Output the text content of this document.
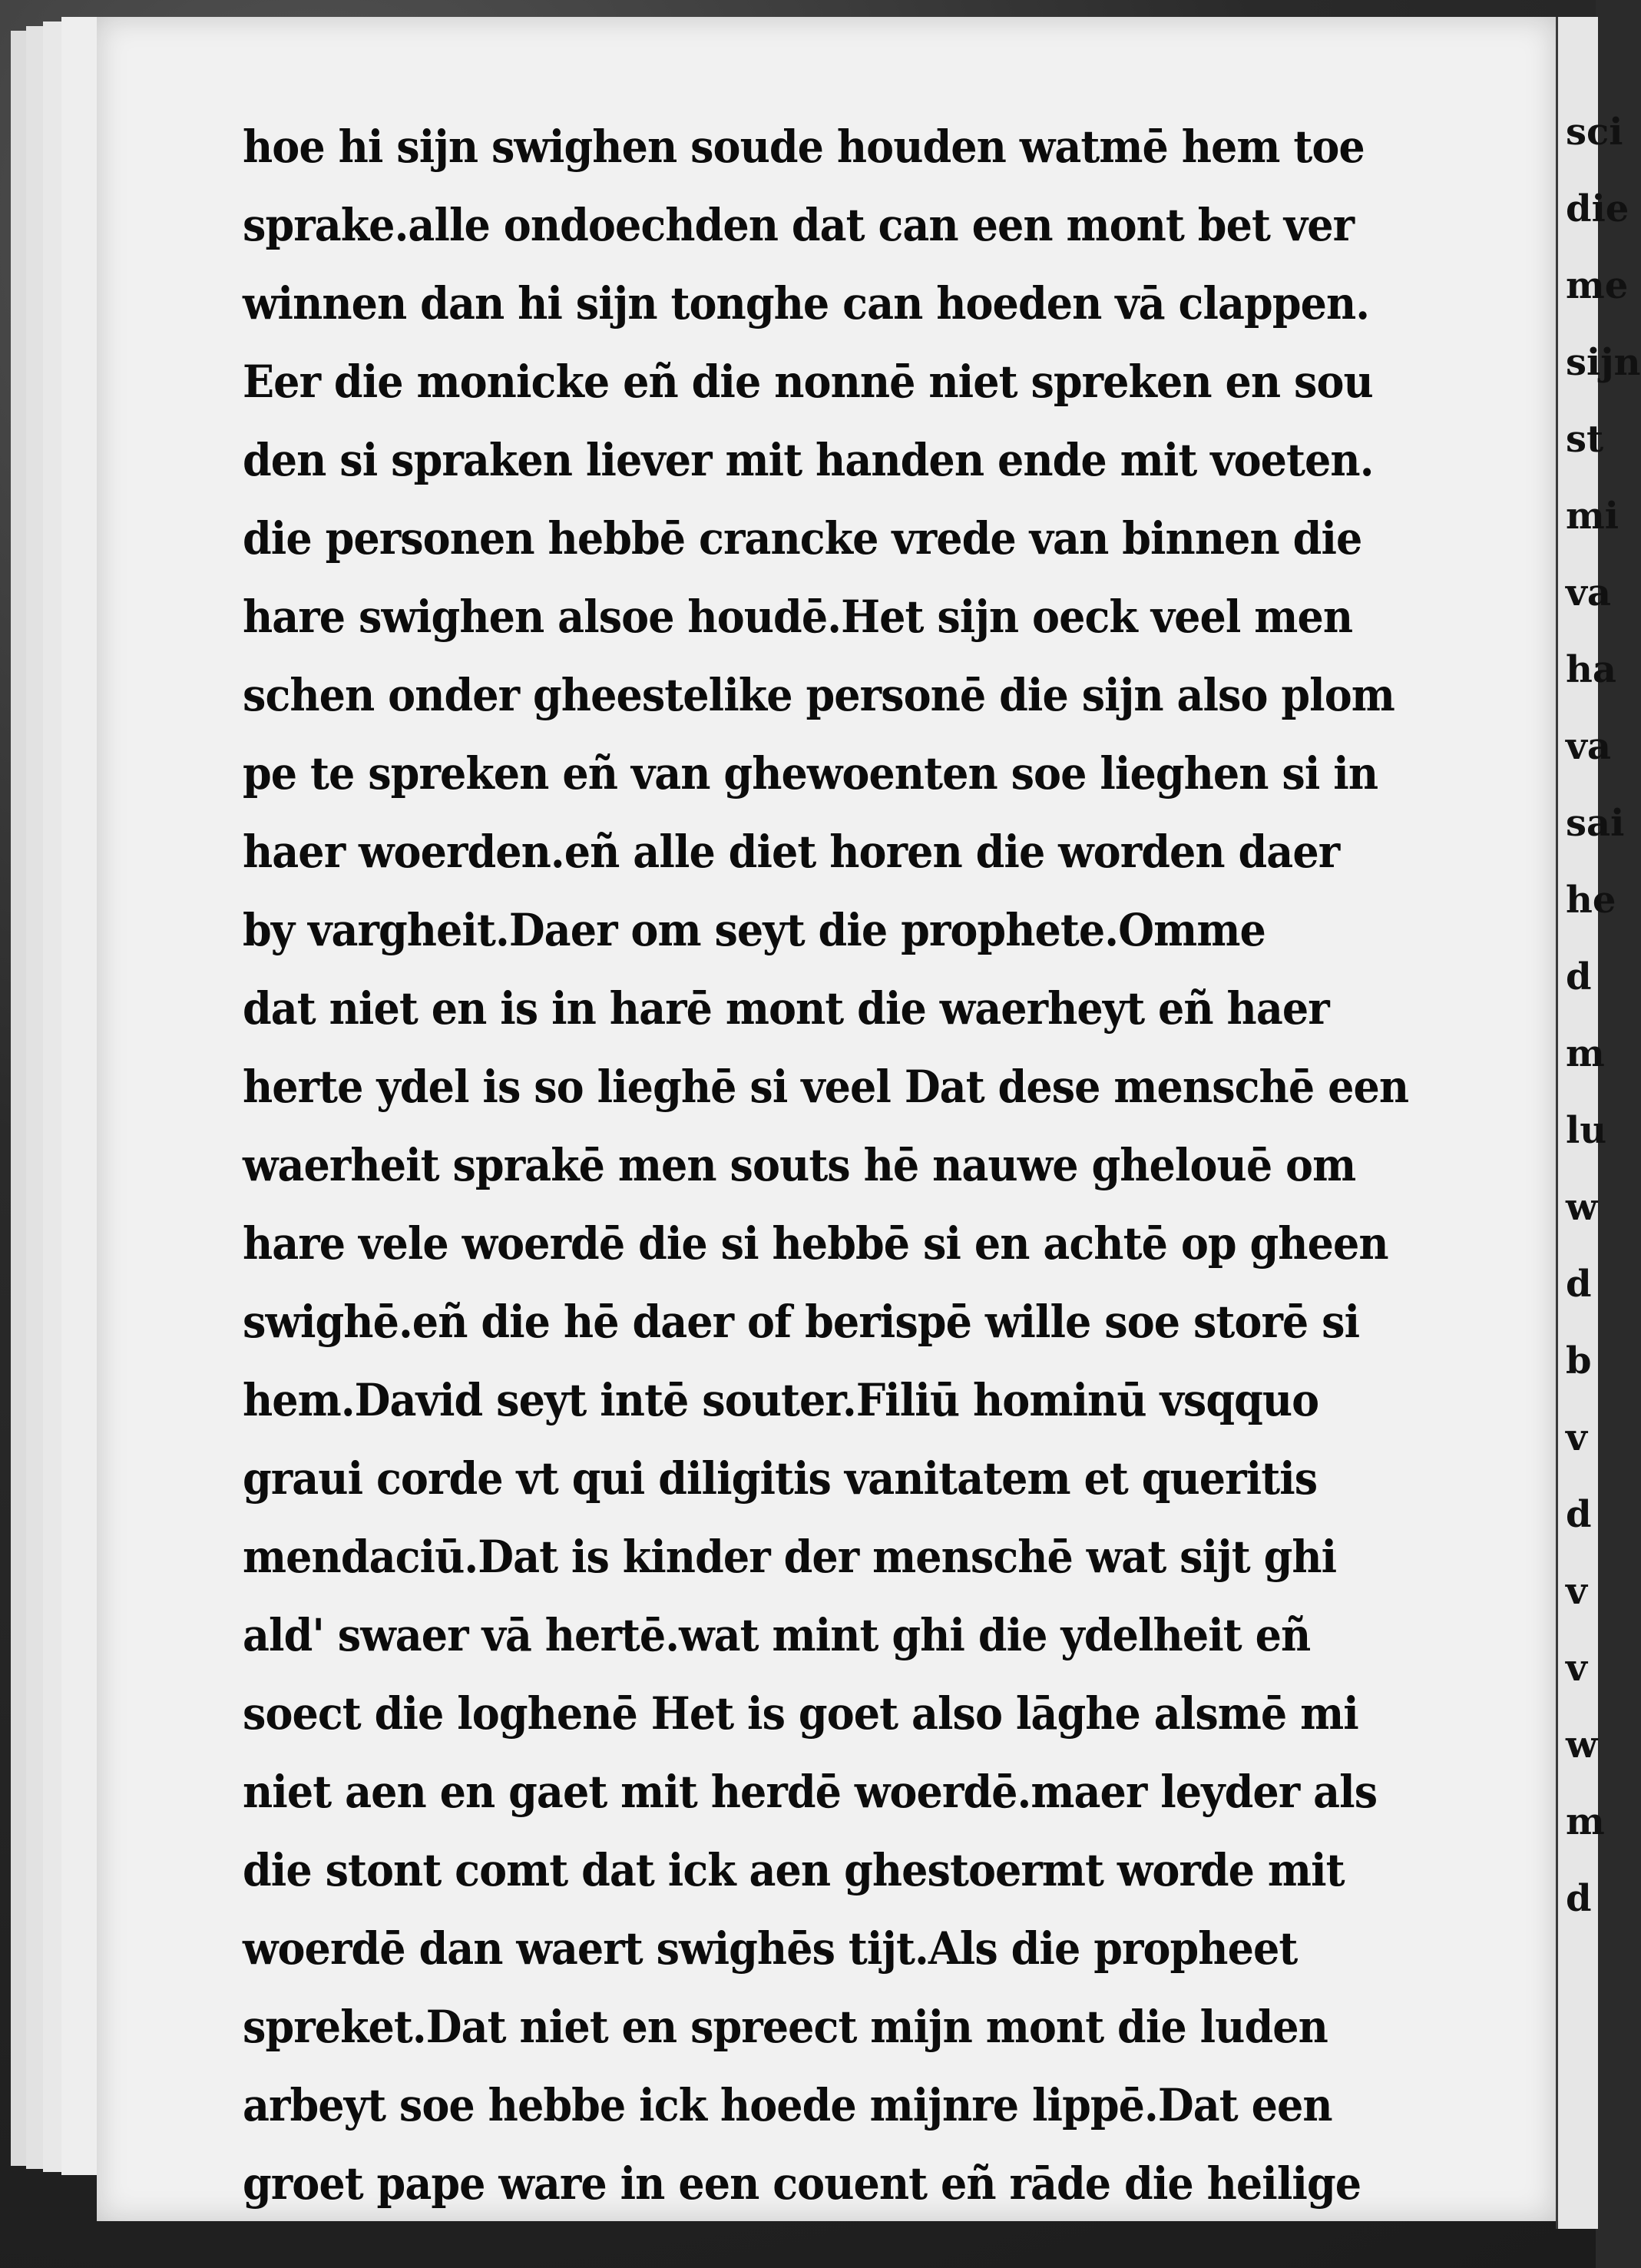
hoe hi sijn swighen soude houden watmē hem toe
sprake.alle ondoechden dat can een mont bet ver
winnen dan hi sijn tonghe can hoeden vā clappen.
Eer die monicke eñ die nonnē niet spreken en sou
den si spraken liever mit handen ende mit voeten.
die personen hebbē crancke vrede van binnen die
hare swighen alsoe houdē.Het sijn oeck veel men
schen onder gheestelike personē die sijn also plom
pe te spreken eñ van ghewoenten soe lieghen si in
haer woerden.eñ alle diet horen die worden daer
by vargheit.Daer om seyt die prophete.Omme
dat niet en is in harē mont die waerheyt eñ haer
herte ydel is so lieghē si veel Dat dese menschē een
waerheit sprakē men souts hē nauwe ghelouē om
hare vele woerdē die si hebbē si en achtē op gheen
swighē.eñ die hē daer of berispē wille soe storē si
hem.David seyt intē souter.Filiū hominū vsqquo
graui corde vt qui diligitis vanitatem et queritis
mendaciū.Dat is kinder der menschē wat sijt ghi
ald' swaer vā hertē.wat mint ghi die ydelheit eñ
soect die loghenē Het is goet also lāghe alsmē mi
niet aen en gaet mit herdē woerdē.maer leyder als
die stont comt dat ick aen ghestoermt worde mit
woerdē dan waert swighēs tijt.Als die propheet
spreket.Dat niet en spreect mijn mont die luden
arbeyt soe hebbe ick hoede mijnre lippē.Dat een
groet pape ware in een couent eñ rāde die heilige
sci
die
me
sijn
st
mi
va
ha
va
sai
he
d
m
lu
w
d
b
v
d
v
v
w
m
d
